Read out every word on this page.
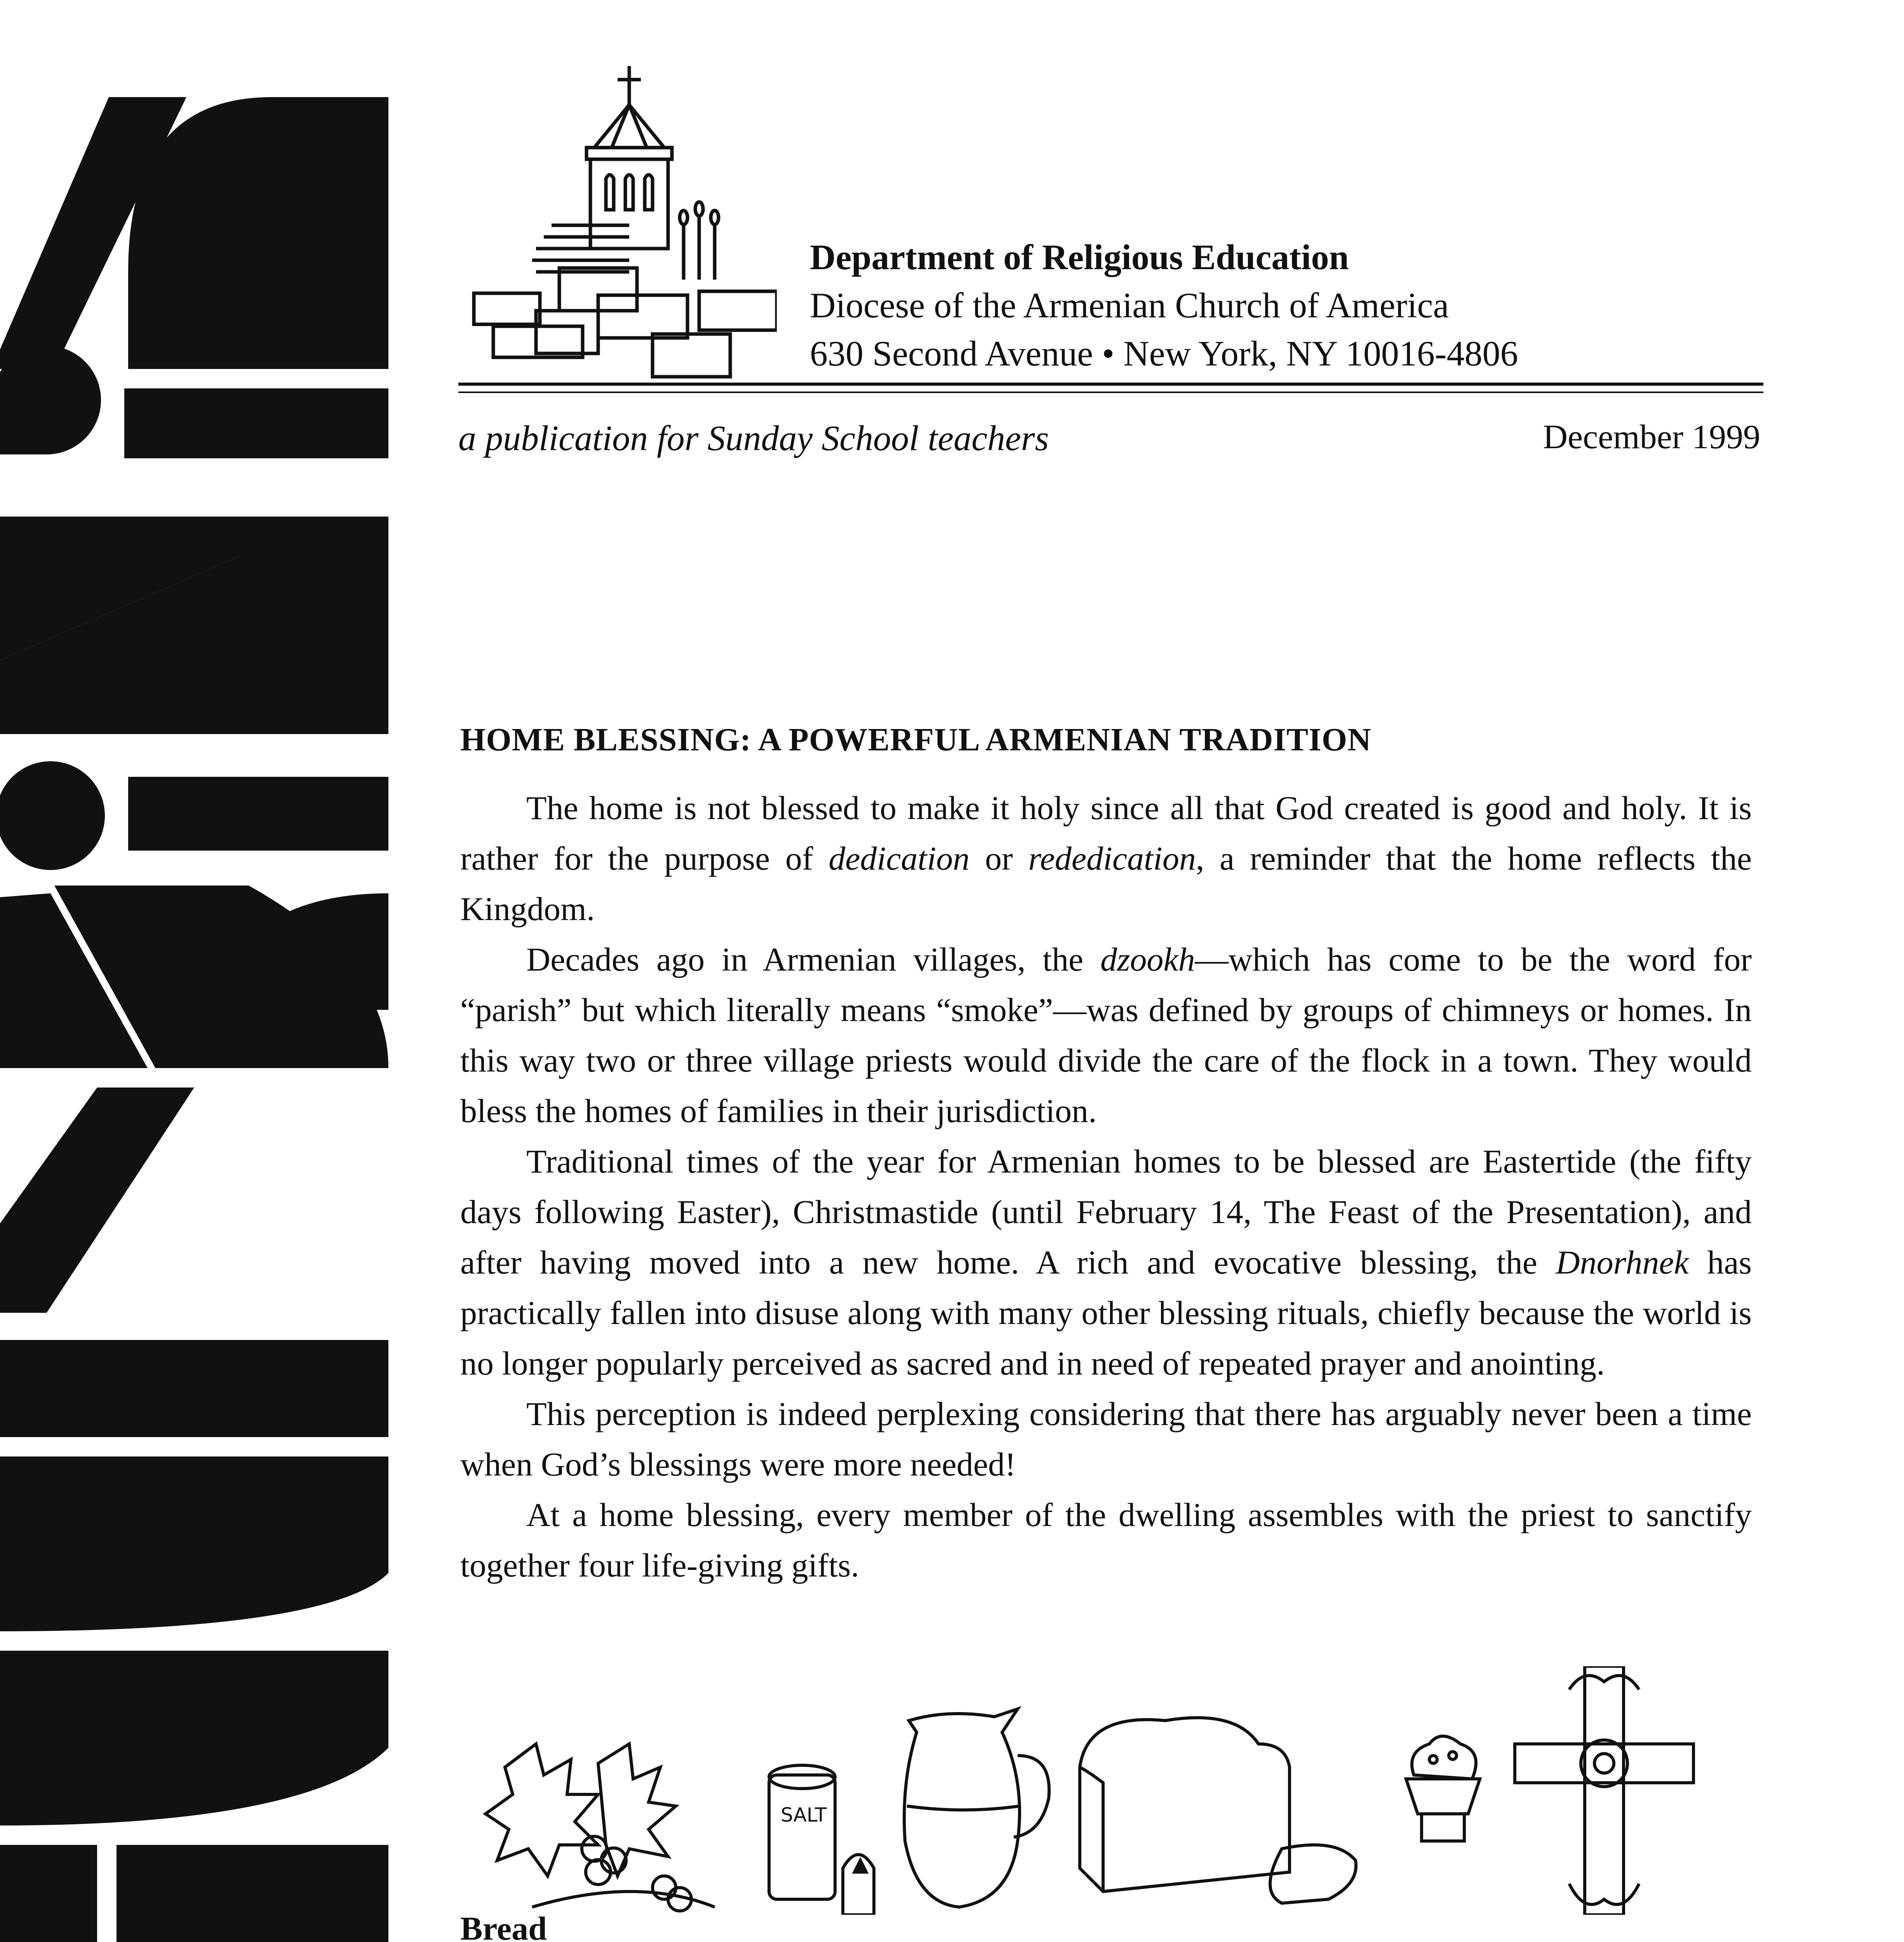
Department of Religious Education
Diocese of the Armenian Church of America
630 Second Avenue • New York, NY 10016-4806
a publication for Sunday School teachers	December 1999

HOME BLESSING: A POWERFUL ARMENIAN TRADITION

The home is not blessed to make it holy since all that God created is good and holy. It is rather for the purpose of dedication or rededication, a reminder that the home reflects the Kingdom.

Decades ago in Armenian villages, the dzookh—which has come to be the word for “parish” but which literally means “smoke”—was defined by groups of chimneys or homes. In this way two or three village priests would divide the care of the flock in a town. They would bless the homes of families in their jurisdiction.

Traditional times of the year for Armenian homes to be blessed are Eastertide (the fifty days following Easter), Christmastide (until February 14, The Feast of the Presentation), and after having moved into a new home. A rich and evocative blessing, the Dnorhnek has practically fallen into disuse along with many other blessing rituals, chiefly because the world is no longer popularly perceived as sacred and in need of repeated prayer and anointing.

This perception is indeed perplexing considering that there has arguably never been a time when God’s blessings were more needed!

At a home blessing, every member of the dwelling assembles with the priest to sanctify together four life-giving gifts.

SALT

Bread
